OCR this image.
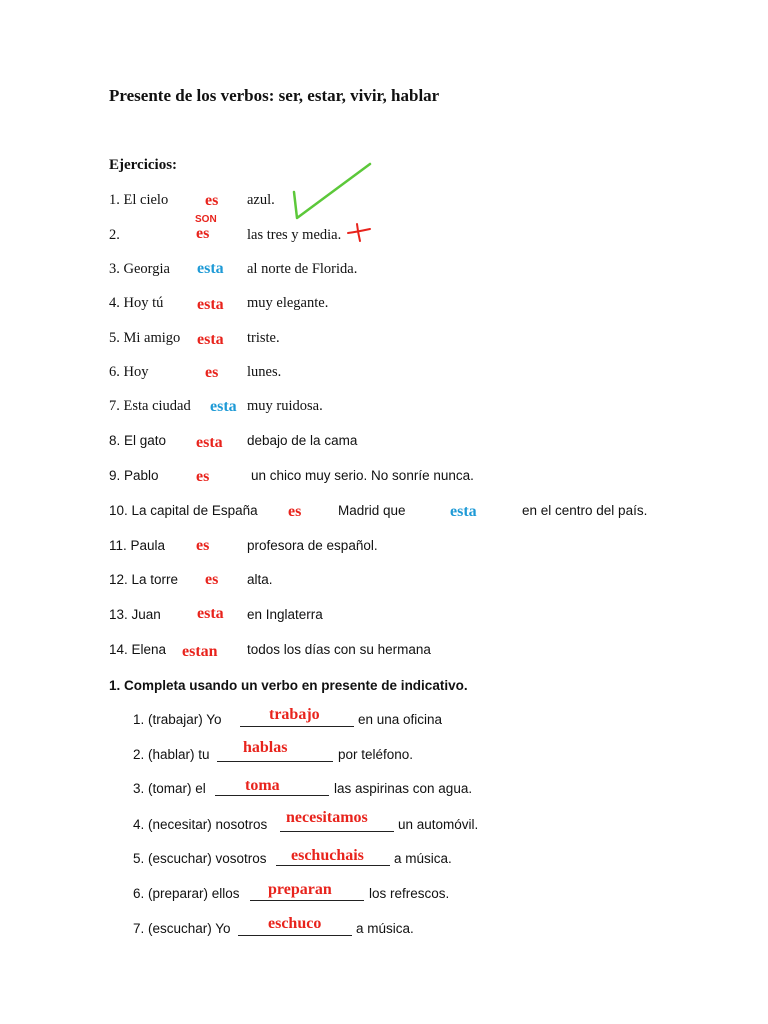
Presente de los verbos: ser, estar, vivir, hablar
Ejercicios:
1. El cielo es azul.
SON
2.	es	las tres y media.
3. Georgia esta al norte de Florida.
4. Hoy tú esta muy elegante.
5. Mi amigo esta triste.
6. Hoy	es lunes.
7. Esta ciudad esta muy ruidosa.
8. El gato esta debajo de la cama
9. Pablo es	un chico muy serio. No sonríe nunca.
10. La capital de España es	Madrid que	esta	en el centro del país.
11. Paula es	profesora de español.
12. La torre es alta.
13. Juan esta en Inglaterra
14. Elena estan todos los días con su hermana
1. Completa usando un verbo en presente de indicativo.
1. (trabajar) Yo	trabajo	en una oficina
2. (hablar) tu hablas	por teléfono.
3. (tomar) el toma	las aspirinas con agua.
4. (necesitar) nosotros necesitamos un automóvil.
5. (escuchar) vosotros eschuchais a música.
6. (preparar) ellos preparan	los refrescos.
7. (escuchar) Yo eschuco	a música.
